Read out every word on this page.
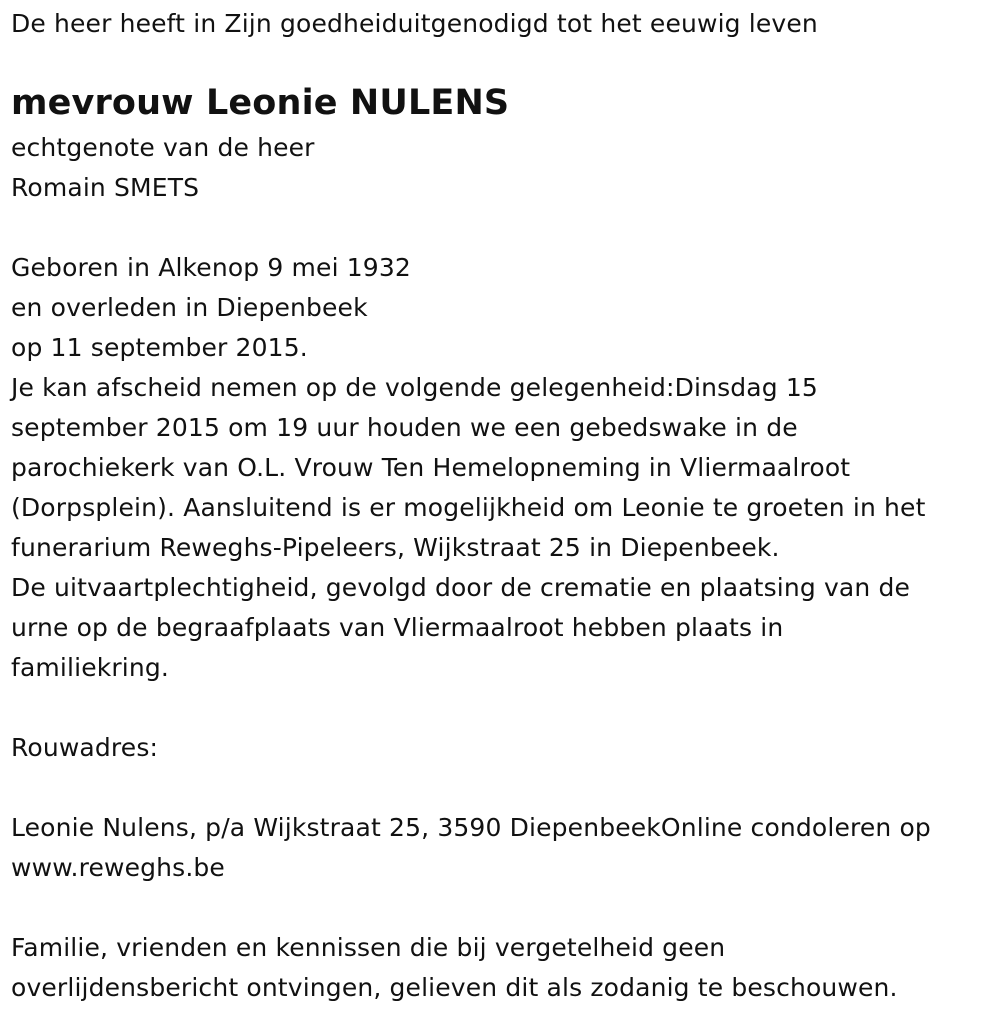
De heer heeft in Zijn goedheiduitgenodigd tot het eeuwig leven
mevrouw Leonie NULENS
echtgenote van de heer
Romain SMETS
Geboren in Alkenop 9 mei 1932
en overleden in Diepenbeek
op 11 september 2015.
Je kan afscheid nemen op de volgende gelegenheid:Dinsdag 15
september 2015 om 19 uur houden we een gebedswake in de
parochiekerk van O.L. Vrouw Ten Hemelopneming in Vliermaalroot
(Dorpsplein). Aansluitend is er mogelijkheid om Leonie te groeten in het
funerarium Reweghs-Pipeleers, Wijkstraat 25 in Diepenbeek.
De uitvaartplechtigheid, gevolgd door de crematie en plaatsing van de
urne op de begraafplaats van Vliermaalroot hebben plaats in
familiekring.
Rouwadres:
Leonie Nulens, p/a Wijkstraat 25, 3590 DiepenbeekOnline condoleren op
www.reweghs.be
Familie, vrienden en kennissen die bij vergetelheid geen
overlijdensbericht ontvingen, gelieven dit als zodanig te beschouwen.
